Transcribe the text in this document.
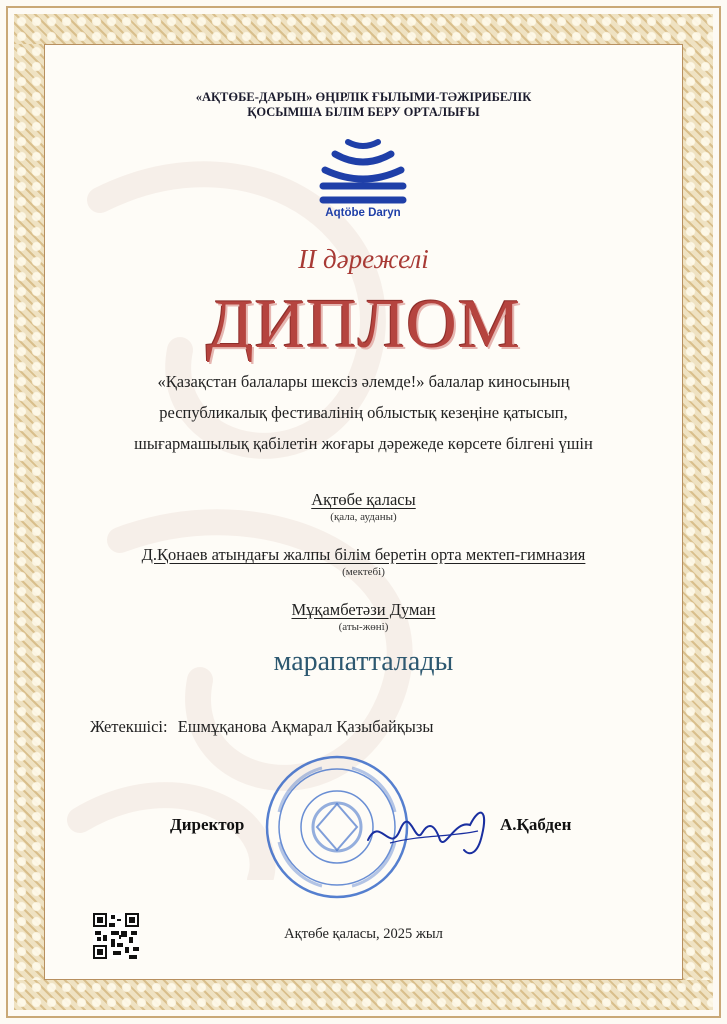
«АҚТӨБЕ-ДАРЫН» ӨҢІРЛІК ҒЫЛЫМИ-ТӘЖІРИБЕЛІК
ҚОСЫМША БІЛІМ БЕРУ ОРТАЛЫҒЫ
Aqtöbe Daryn
II дәрежелі
ДИПЛОМ
«Қазақстан балалары шексіз әлемде!» балалар киносының
республикалық фестивалінің облыстық кезеңіне қатысып,
шығармашылық қабілетін жоғары дәрежеде көрсете білгені үшін
Ақтөбе қаласы
(қала, ауданы)
Д.Қонаев атындағы жалпы білім беретін орта мектеп-гимназия
(мектебі)
Мұқамбетәзи Думан
(аты-жөні)
марапатталады
Жетекшісі: Ешмұқанова Ақмарал Қазыбайқызы
Директор	А.Қабден
Ақтөбе қаласы, 2025 жыл
